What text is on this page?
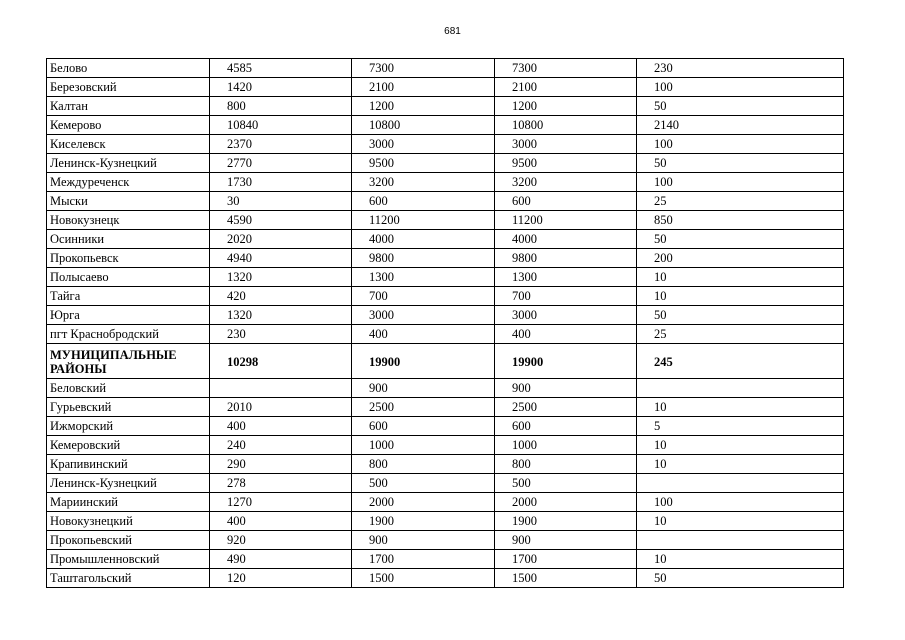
681
Белово	4585	7300	7300	230
Березовский	1420	2100	2100	100
Калтан	800	1200	1200	50
Кемерово	10840	10800	10800	2140
Киселевск	2370	3000	3000	100
Ленинск-Кузнецкий	2770	9500	9500	50
Междуреченск	1730	3200	3200	100
Мыски	30	600	600	25
Новокузнецк	4590	11200	11200	850
Осинники	2020	4000	4000	50
Прокопьевск	4940	9800	9800	200
Полысаево	1320	1300	1300	10
Тайга	420	700	700	10
Юрга	1320	3000	3000	50
пгт Краснобродский	230	400	400	25
МУНИЦИПАЛЬНЫЕ РАЙОНЫ	10298	19900	19900	245
Беловский		900	900	
Гурьевский	2010	2500	2500	10
Ижморский	400	600	600	5
Кемеровский	240	1000	1000	10
Крапивинский	290	800	800	10
Ленинск-Кузнецкий	278	500	500	
Мариинский	1270	2000	2000	100
Новокузнецкий	400	1900	1900	10
Прокопьевский	920	900	900	
Промышленновский	490	1700	1700	10
Таштагольский	120	1500	1500	50
